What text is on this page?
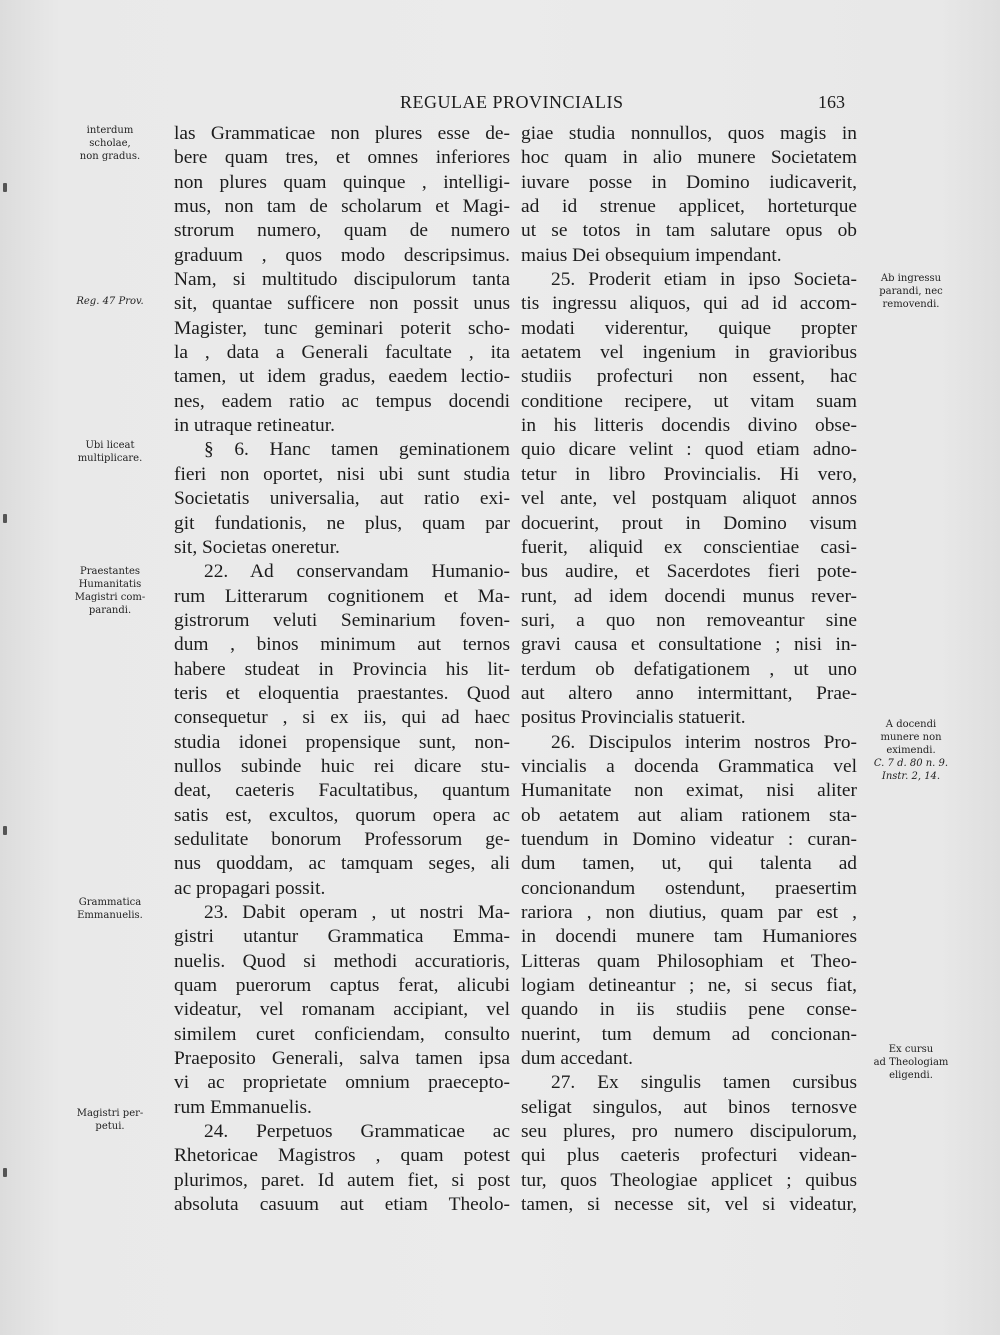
REGULAE PROVINCIALIS	163
las Grammaticae non plures esse de-
bere quam tres, et omnes inferiores
non plures quam quinque , intelligi-
mus, non tam de scholarum et Magi-
strorum numero, quam de numero
graduum , quos modo descripsimus.
Nam, si multitudo discipulorum tanta
sit, quantae sufficere non possit unus
Magister, tunc geminari poterit scho-
la , data a Generali facultate , ita
tamen, ut idem gradus, eaedem lectio-
nes, eadem ratio ac tempus docendi
in utraque retineatur.
§ 6. Hanc tamen geminationem
fieri non oportet, nisi ubi sunt studia
Societatis universalia, aut ratio exi-
git fundationis, ne plus, quam par
sit, Societas oneretur.
22. Ad conservandam Humanio-
rum Litterarum cognitionem et Ma-
gistrorum veluti Seminarium foven-
dum , binos minimum aut ternos
habere studeat in Provincia his lit-
teris et eloquentia praestantes. Quod
consequetur , si ex iis, qui ad haec
studia idonei propensique sunt, non-
nullos subinde huic rei dicare stu-
deat, caeteris Facultatibus, quantum
satis est, excultos, quorum opera ac
sedulitate bonorum Professorum ge-
nus quoddam, ac tamquam seges, ali
ac propagari possit.
23. Dabit operam , ut nostri Ma-
gistri utantur Grammatica Emma-
nuelis. Quod si methodi accuratioris,
quam puerorum captus ferat, alicubi
videatur, vel romanam accipiant, vel
similem curet conficiendam, consulto
Praeposito Generali, salva tamen ipsa
vi ac proprietate omnium praecepto-
rum Emmanuelis.
24. Perpetuos Grammaticae ac
Rhetoricae Magistros , quam potest
plurimos, paret. Id autem fiet, si post
absoluta casuum aut etiam Theolo-
giae studia nonnullos, quos magis in
hoc quam in alio munere Societatem
iuvare posse in Domino iudicaverit,
ad id strenue applicet, horteturque
ut se totos in tam salutare opus ob
maius Dei obsequium impendant.
25. Proderit etiam in ipso Societa-
tis ingressu aliquos, qui ad id accom-
modati viderentur, quique propter
aetatem vel ingenium in gravioribus
studiis profecturi non essent, hac
conditione recipere, ut vitam suam
in his litteris docendis divino obse-
quio dicare velint : quod etiam adno-
tetur in libro Provincialis. Hi vero,
vel ante, vel postquam aliquot annos
docuerint, prout in Domino visum
fuerit, aliquid ex conscientiae casi-
bus audire, et Sacerdotes fieri pote-
runt, ad idem docendi munus rever-
suri, a quo non removeantur sine
gravi causa et consultatione ; nisi in-
terdum ob defatigationem , ut uno
aut altero anno intermittant, Prae-
positus Provincialis statuerit.
26. Discipulos interim nostros Pro-
vincialis a docenda Grammatica vel
Humanitate non eximat, nisi aliter
ob aetatem aut aliam rationem sta-
tuendum in Domino videatur : curan-
dum tamen, ut, qui talenta ad
concionandum ostendunt, praesertim
rariora , non diutius, quam par est ,
in docendi munere tam Humaniores
Litteras quam Philosophiam et Theo-
logiam detineantur ; ne, si secus fiat,
quando in iis studiis pene conse-
nuerint, tum demum ad concionan-
dum accedant.
27. Ex singulis tamen cursibus
seligat singulos, aut binos ternosve
seu plures, pro numero discipulorum,
qui plus caeteris profecturi videan-
tur, quos Theologiae applicet ; quibus
tamen, si necesse sit, vel si videatur,
interdum
scholae,
non gradus.
Reg. 47 Prov.
Ubi liceat
multiplicare.
Praestantes
Humanitatis
Magistri com-
parandi.
Grammatica
Emmanuelis.
Magistri per-
petui.
Ab ingressu
parandi, nec
removendi.
A docendi
munere non
eximendi.
C. 7 d. 80 n. 9.
Instr. 2, 14.
Ex cursu
ad Theologiam
eligendi.
